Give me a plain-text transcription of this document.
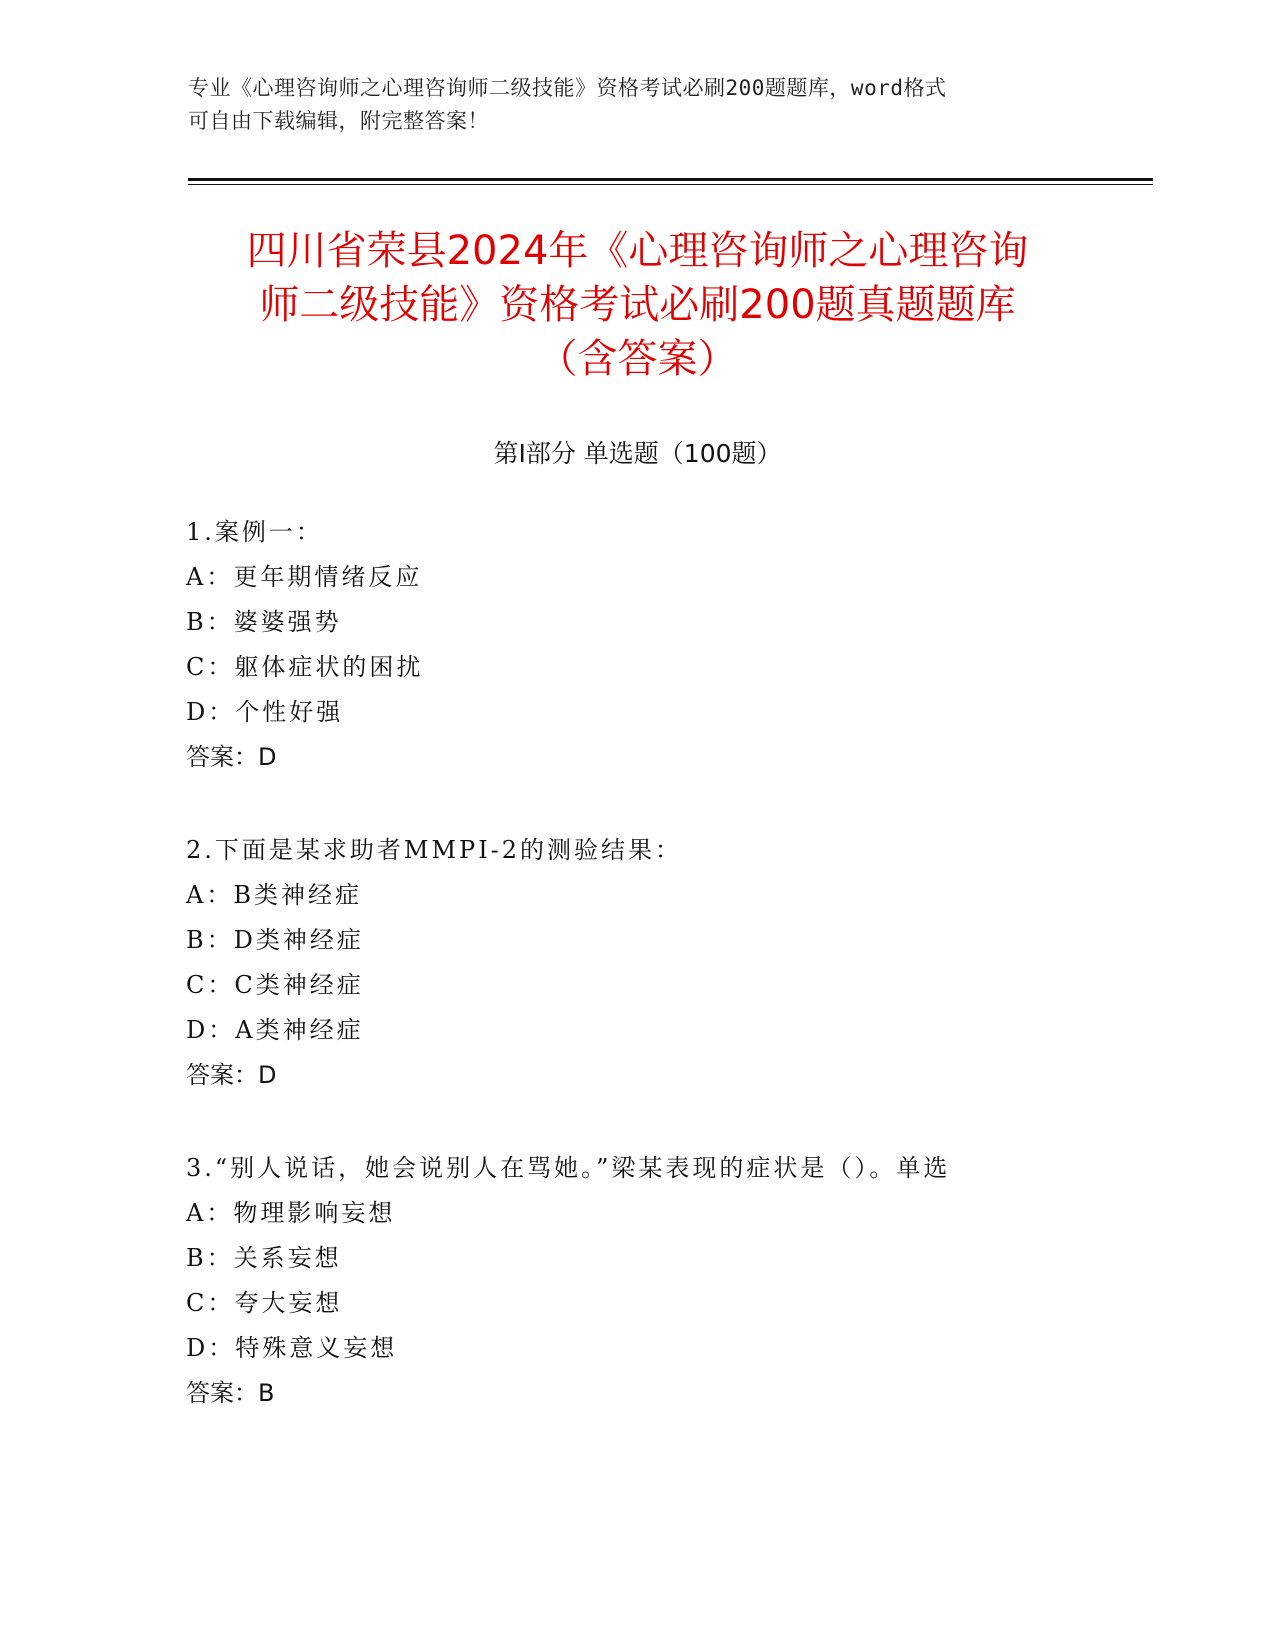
专业《心理咨询师之心理咨询师二级技能》资格考试必刷200题题库，word格式
可自由下载编辑，附完整答案！
四川省荣县2024年《心理咨询师之心理咨询
师二级技能》资格考试必刷200题真题题库
（含答案）
第Ⅰ部分 单选题（100题）
1.案例一：
A：更年期情绪反应
B：婆婆强势
C：躯体症状的困扰
D：个性好强
答案：D
2.下面是某求助者MMPI-2的测验结果：
A：B类神经症
B：D类神经症
C：C类神经症
D：A类神经症
答案：D
3.“别人说话，她会说别人在骂她。”梁某表现的症状是（）。单选
A：物理影响妄想
B：关系妄想
C：夸大妄想
D：特殊意义妄想
答案：B
